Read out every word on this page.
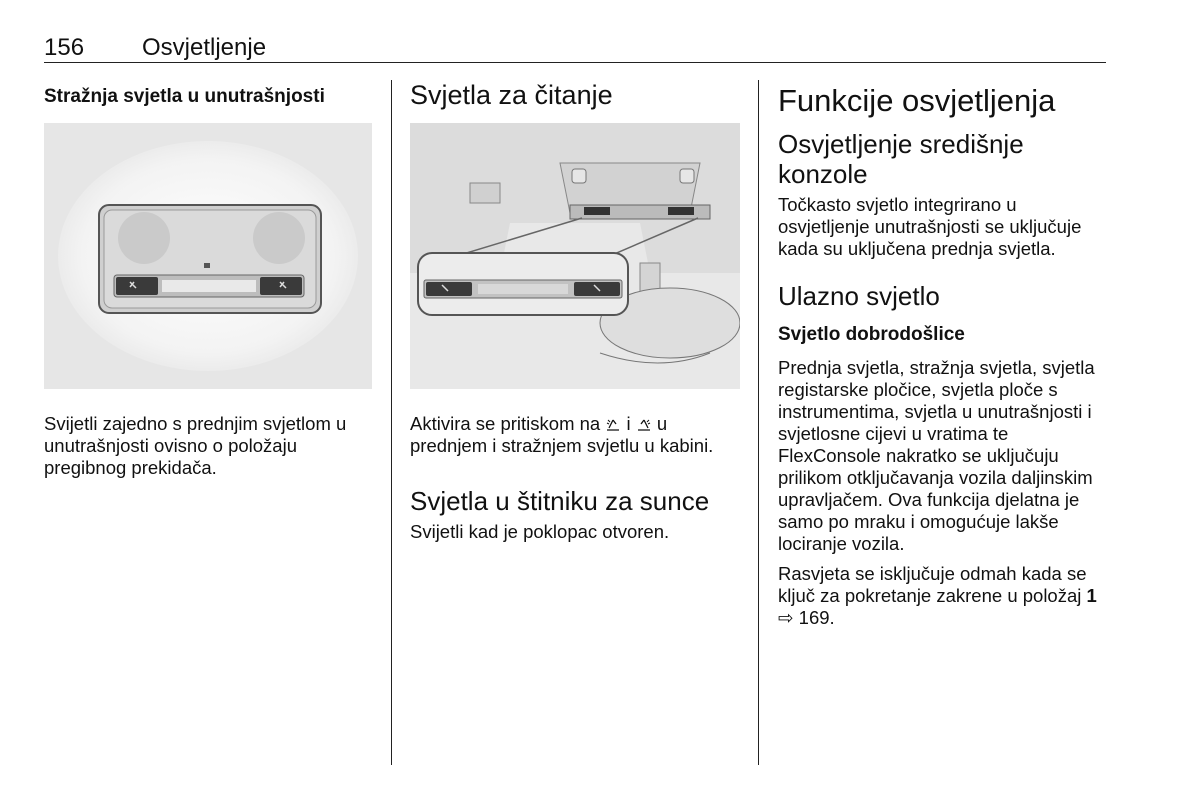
156 Osvjetljenje
Stražnja svjetla u unutrašnjosti

Svijetli zajedno s prednjim svjetlom u unutrašnjosti ovisno o položaju pregibnog prekidača.

Svjetla za čitanje

Aktivira se pritiskom na  i  u prednjem i stražnjem svjetlu u kabini.

Svjetla u štitniku za sunce

Svijetli kad je poklopac otvoren.

Funkcije osvjetljenja
Osvjetljenje središnje konzole

Točkasto svjetlo integrirano u osvjetljenje unutrašnjosti se uključuje kada su uključena prednja svjetla.

Ulazno svjetlo
Svjetlo dobrodošlice

Prednja svjetla, stražnja svjetla, svjetla registarske pločice, svjetla ploče s instrumentima, svjetla u unutrašnjosti i svjetlosne cijevi u vratima te FlexConsole nakratko se uključuju prilikom otključavanja vozila daljinskim upravljačem. Ova funkcija djelatna je samo po mraku i omogućuje lakše lociranje vozila.

Rasvjeta se isključuje odmah kada se ključ za pokretanje zakrene u položaj 1 ⇨ 169.
